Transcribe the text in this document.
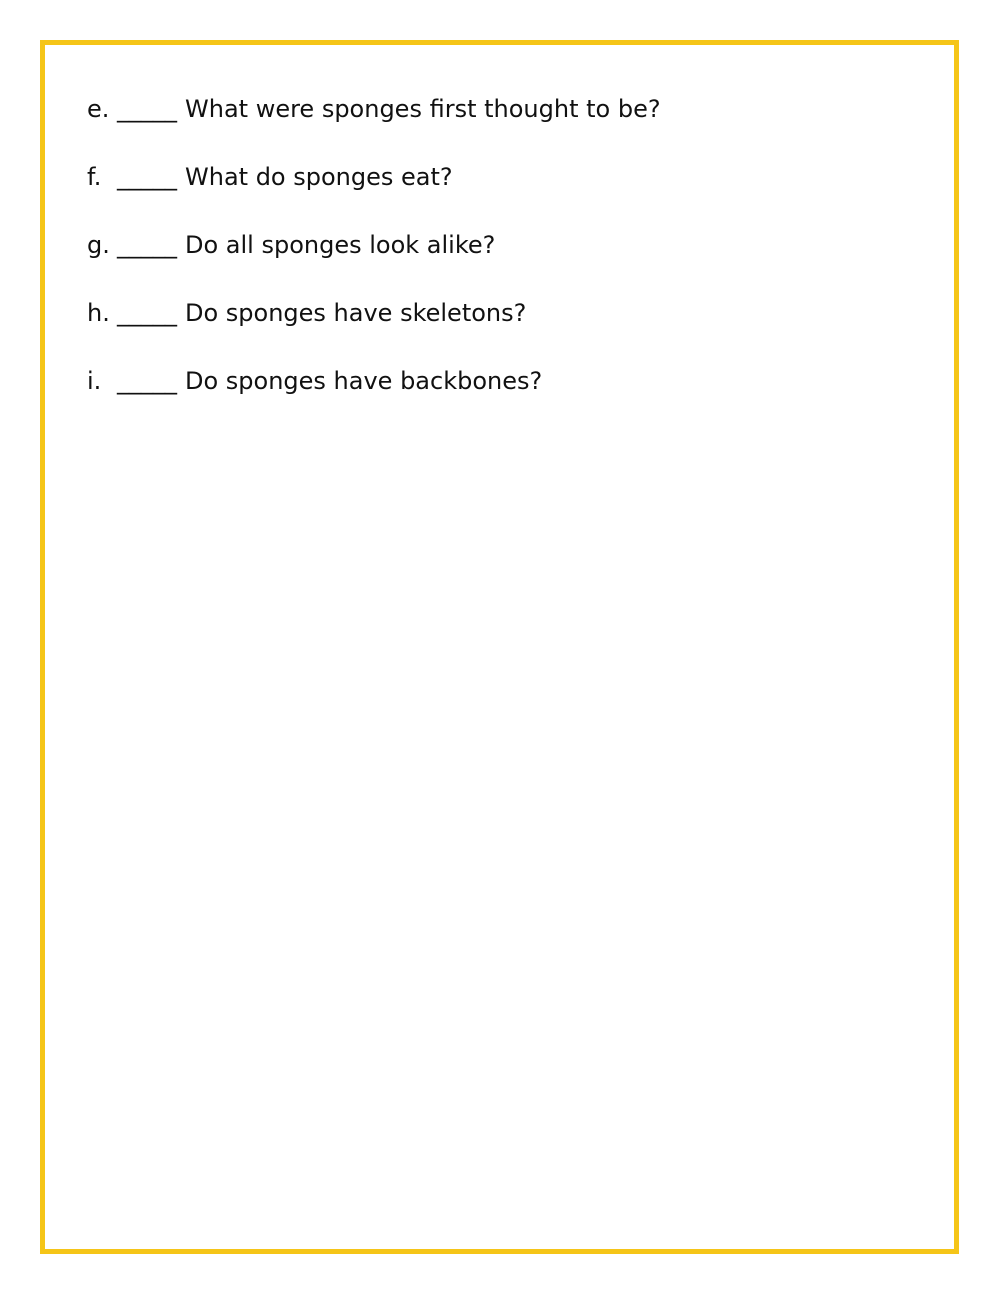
e. _____ What were sponges first thought to be?
f. _____ What do sponges eat?
g. _____ Do all sponges look alike?
h. _____ Do sponges have skeletons?
i. _____ Do sponges have backbones?
